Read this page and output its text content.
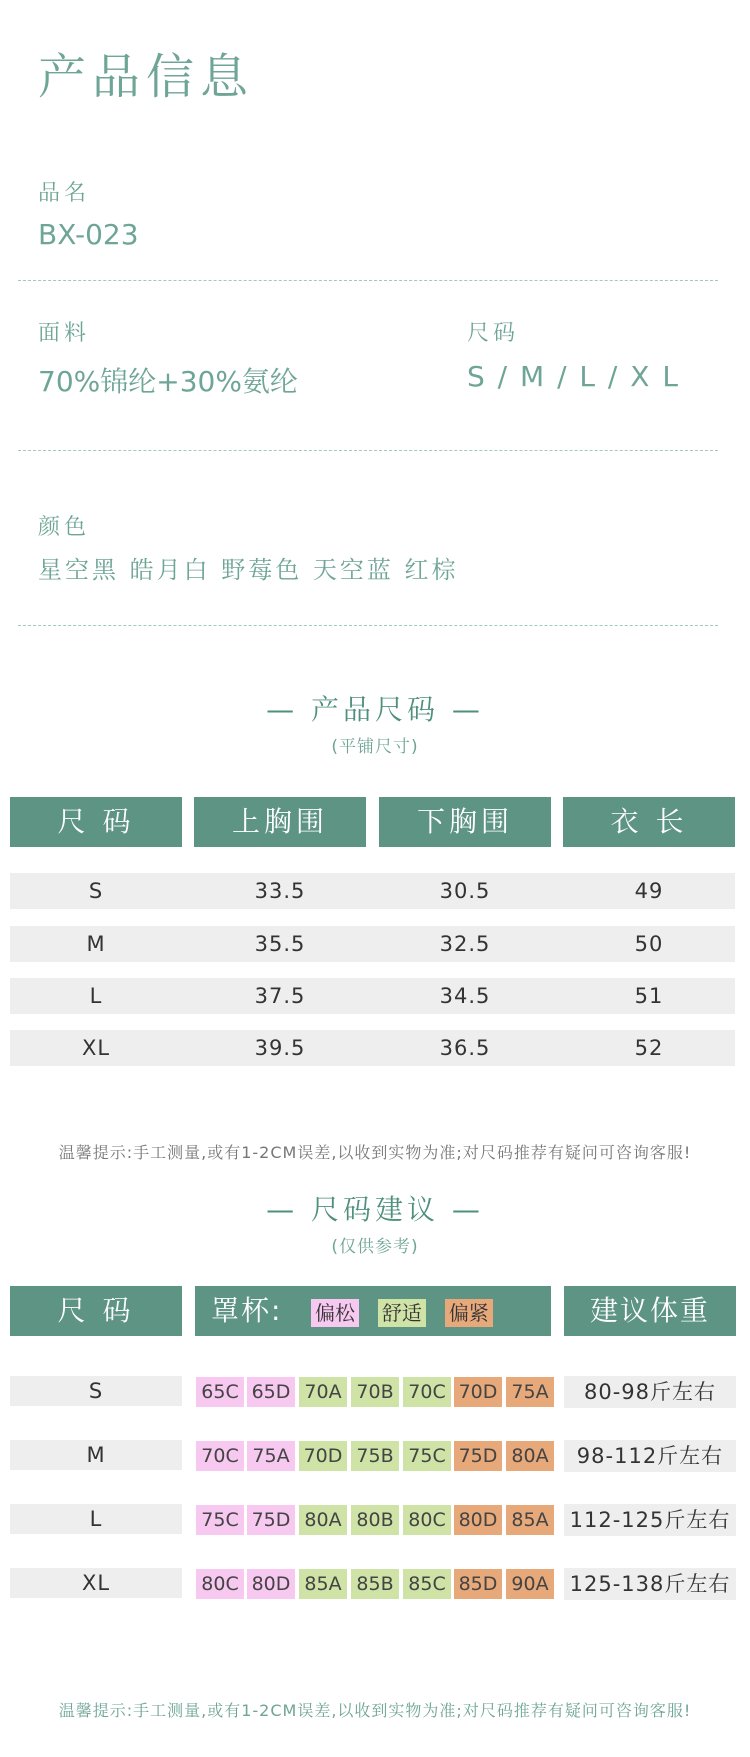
产品信息
品名
BX-023
面料
70%锦纶+30%氨纶
尺码
S / M / L / X L
颜色
星空黑 皓月白 野莓色 天空蓝 红棕
— 产品尺码 —
(平铺尺寸)
尺 码	上胸围	下胸围	衣 长
S	33.5	30.5	49
M	35.5	32.5	50
L	37.5	34.5	51
XL	39.5	36.5	52
温馨提示:手工测量,或有1-2CM误差,以收到实物为准;对尺码推荐有疑问可咨询客服!
— 尺码建议 —
(仅供参考)
尺 码	罩杯: 偏松 舒适 偏紧	建议体重
S	65C 65D 70A 70B 70C 70D 75A	80-98斤左右
M	70C 75A 70D 75B 75C 75D 80A	98-112斤左右
L	75C 75D 80A 80B 80C 80D 85A 112-125斤左右
XL	80C 80D 85A 85B 85C 85D 90A 125-138斤左右
温馨提示:手工测量,或有1-2CM误差,以收到实物为准;对尺码推荐有疑问可咨询客服!
